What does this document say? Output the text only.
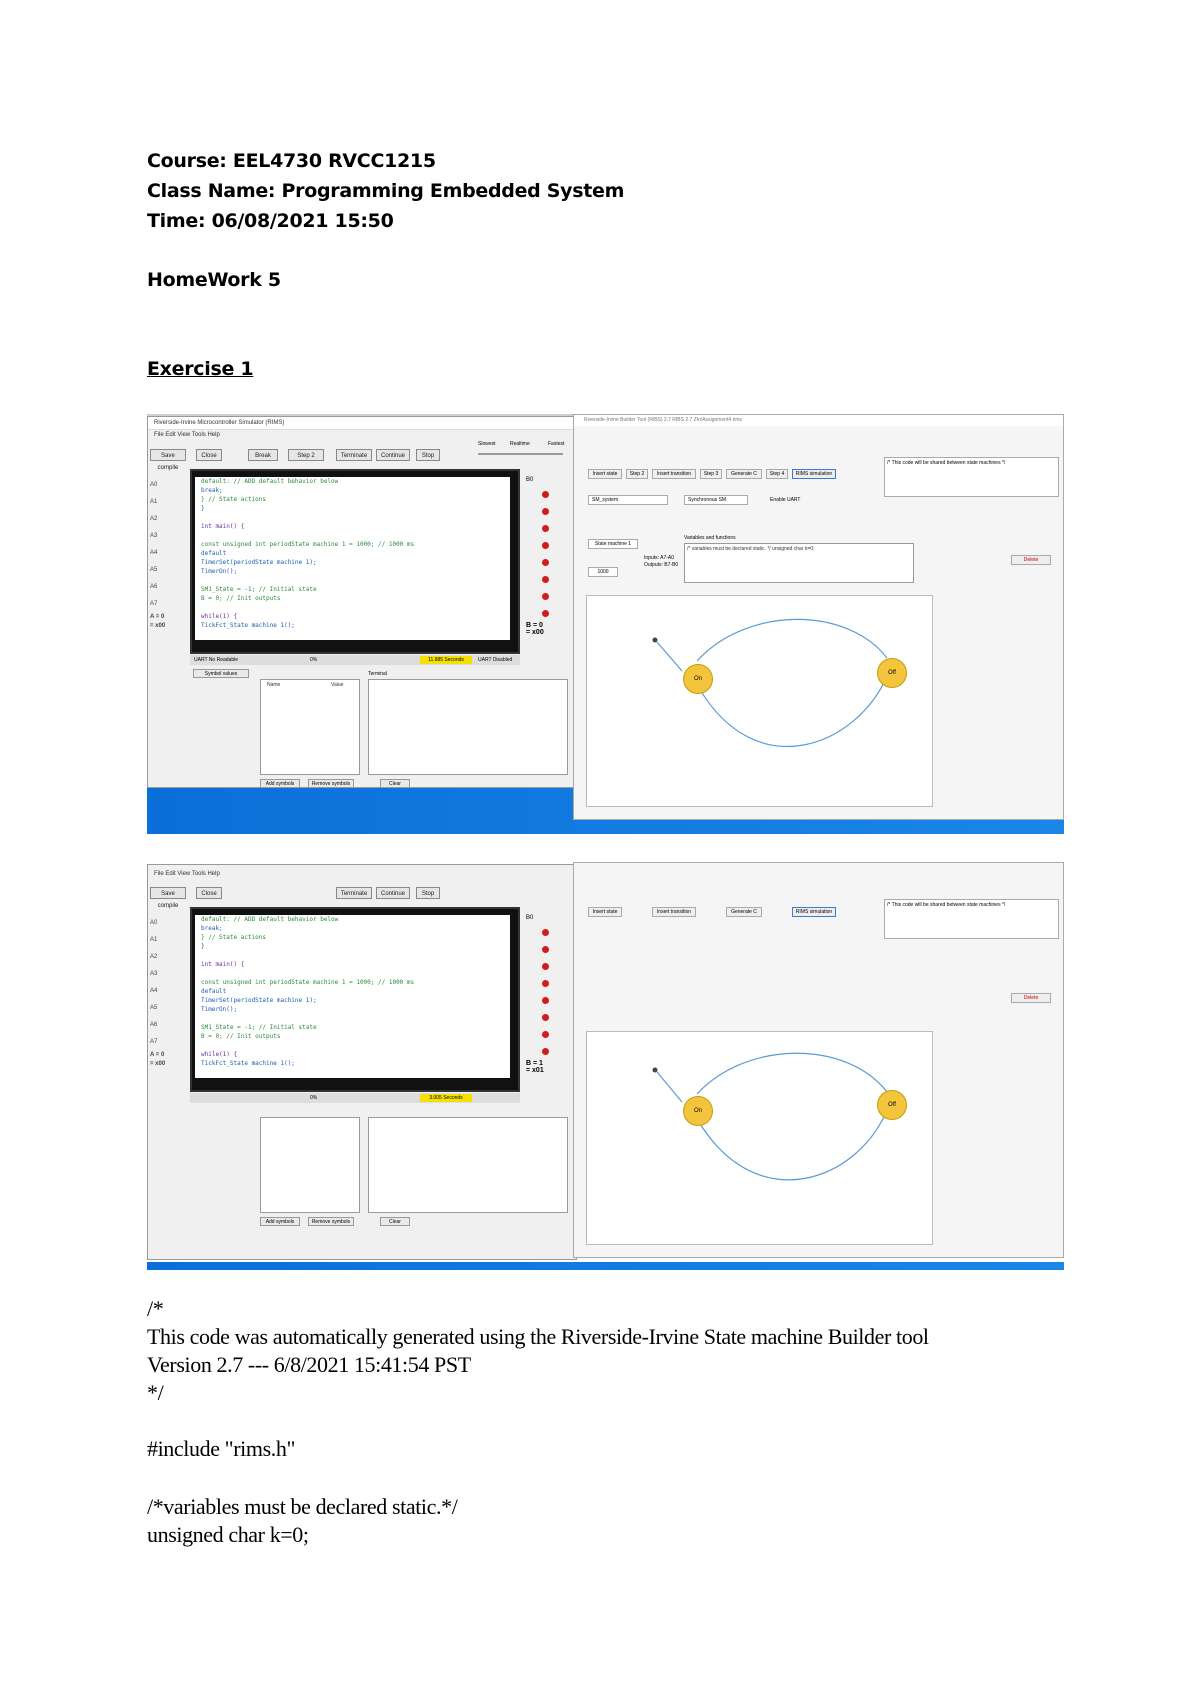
Course: EEL4730 RVCC1215
Class Name: Programming Embedded System
Time: 06/08/2021 15:50
HomeWork 5
Exercise 1
Riverside-Irvine Microcontroller Simulator (RIMS)
File Edit View Tools Help
Save compile
Close	Break	Step 2	Terminate	Continue	Stop
Slowest	Realtime	Fastest
A0
A1
A2
A3
A4
A5
A6
A7
A = 0
= x00
default: // ADD default behavior below
break;
} // State actions
}
int main() {
const unsigned int periodState machine 1 = 1000; // 1000 ms
default
TimerSet(periodState machine 1);
TimerOn();
SM1_State = -1; // Initial state
B = 0; // Init outputs
while(1) {
TickFct_State machine 1();
UART No Readable	0%	11.885 Seconds	UART Disabled
B0
B = 0
= x00
Symbol values
Name	Value
Terminal
Add symbols	Remove symbols	Clear
Riverside-Irvine Builder Tool (RIBS) 2.7 RIBS 2.7 ZIn/Assignment4.rims
Insert state	Step 2	Insert transition	Step 3	Generate C	Step 4	RIMS simulation
SM_system	Synchronous SM	Enable UART
State machine 1
Variables and functions
/* variables must be declared static. */ unsigned char k=0;
Inputs: A7-A0
Outputs: B7-B0
1000
/* This code will be shared between state machines */
Delete
On
Off
File Edit View Tools Help
Save compile
Close	Terminate	Continue	Stop
A0
A1
A2
A3
A4
A5
A6
A7
A = 0
= x00
default: // ADD default behavior below
break;
} // State actions
}
int main() {
const unsigned int periodState machine 1 = 1000; // 1000 ms
default
TimerSet(periodState machine 1);
TimerOn();
SM1_State = -1; // Initial state
B = 0; // Init outputs
while(1) {
TickFct_State machine 1();
0%	3.005 Seconds
B0
B = 1
= x01
Add symbols	Remove symbols	Clear
Insert state	Insert transition	Generate C	RIMS simulation
/* This code will be shared between state machines */
Delete
On
Off
/*
This code was automatically generated using the Riverside-Irvine State machine Builder tool
Version 2.7 --- 6/8/2021 15:41:54 PST
*/
#include "rims.h"
/*variables must be declared static.*/
unsigned char k=0;
